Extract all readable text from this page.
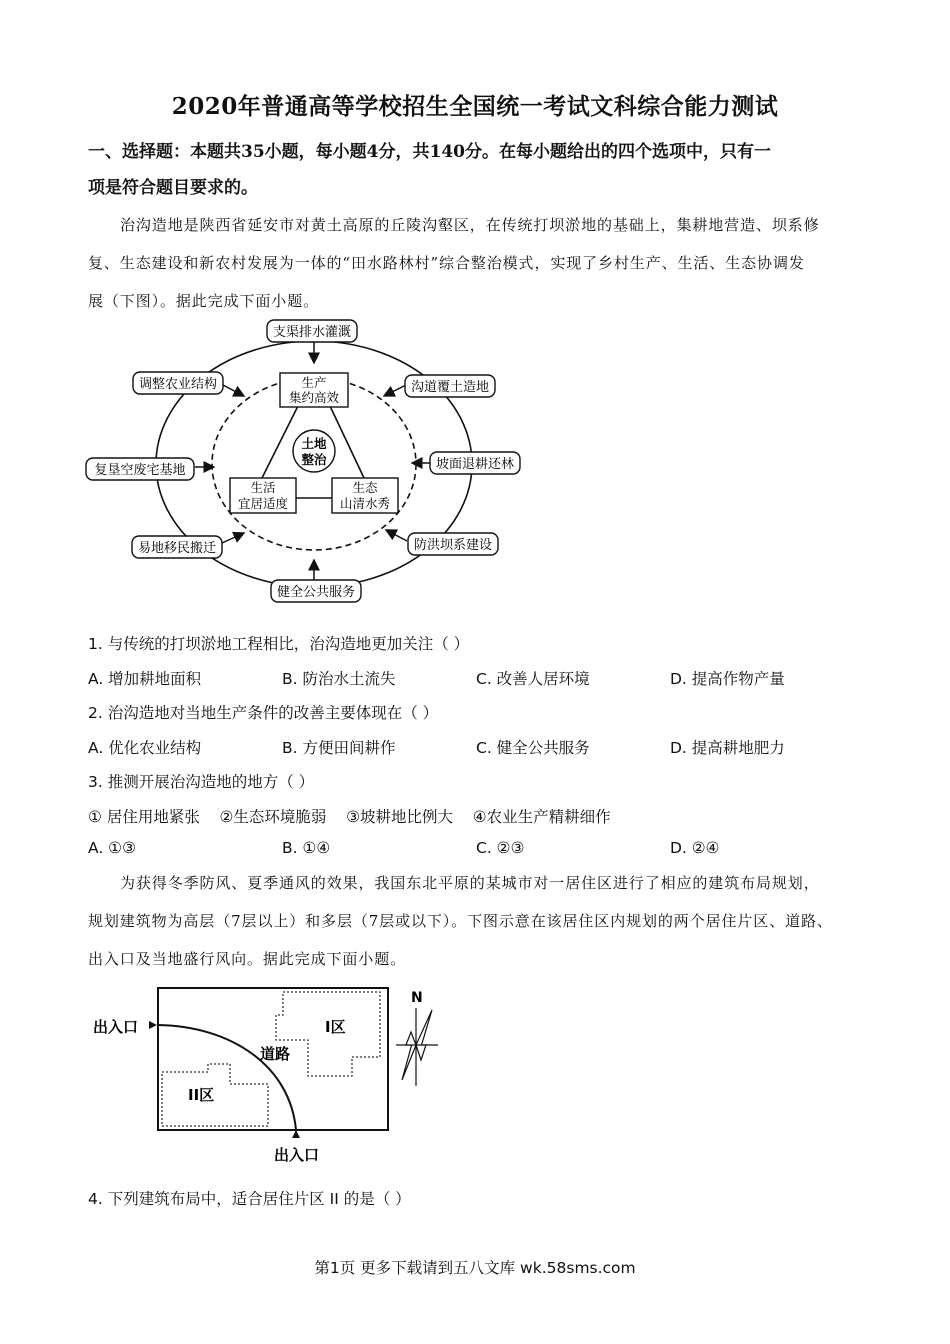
2020年普通高等学校招生全国统一考试文科综合能力测试
一、选择题：本题共35小题，每小题4分，共140分。在每小题给出的四个选项中，只有一
项是符合题目要求的。
治沟造地是陕西省延安市对黄土高原的丘陵沟壑区，在传统打坝淤地的基础上，集耕地营造、坝系修
复、生态建设和新农村发展为一体的“田水路林村”综合整治模式，实现了乡村生产、生活、生态协调发
展（下图）。据此完成下面小题。
土地
整治
生产
集约高效
生活
宜居适度
生态
山清水秀
支渠排水灌溉
沟道覆土造地
坡面退耕还林
防洪坝系建设
健全公共服务
易地移民搬迁
复垦空废宅基地
调整农业结构
1. 与传统的打坝淤地工程相比，治沟造地更加关注（ ）
A. 增加耕地面积	B. 防治水土流失	C. 改善人居环境	D. 提高作物产量
2. 治沟造地对当地生产条件的改善主要体现在（ ）
A. 优化农业结构	B. 方便田间耕作	C. 健全公共服务	D. 提高耕地肥力
3. 推测开展治沟造地的地方（ ）
① 居住用地紧张    ②生态环境脆弱    ③坡耕地比例大    ④农业生产精耕细作
A. ①③	B. ①④	C. ②③	D. ②④
为获得冬季防风、夏季通风的效果，我国东北平原的某城市对一居住区进行了相应的建筑布局规划，
规划建筑物为高层（7层以上）和多层（7层或以下）。下图示意在该居住区内规划的两个居住片区、道路、
出入口及当地盛行风向。据此完成下面小题。
I区
II区
道路
出入口
出入口
N
4. 下列建筑布局中，适合居住片区 II 的是（ ）
第1页 更多下载请到五八文库 wk.58sms.com
